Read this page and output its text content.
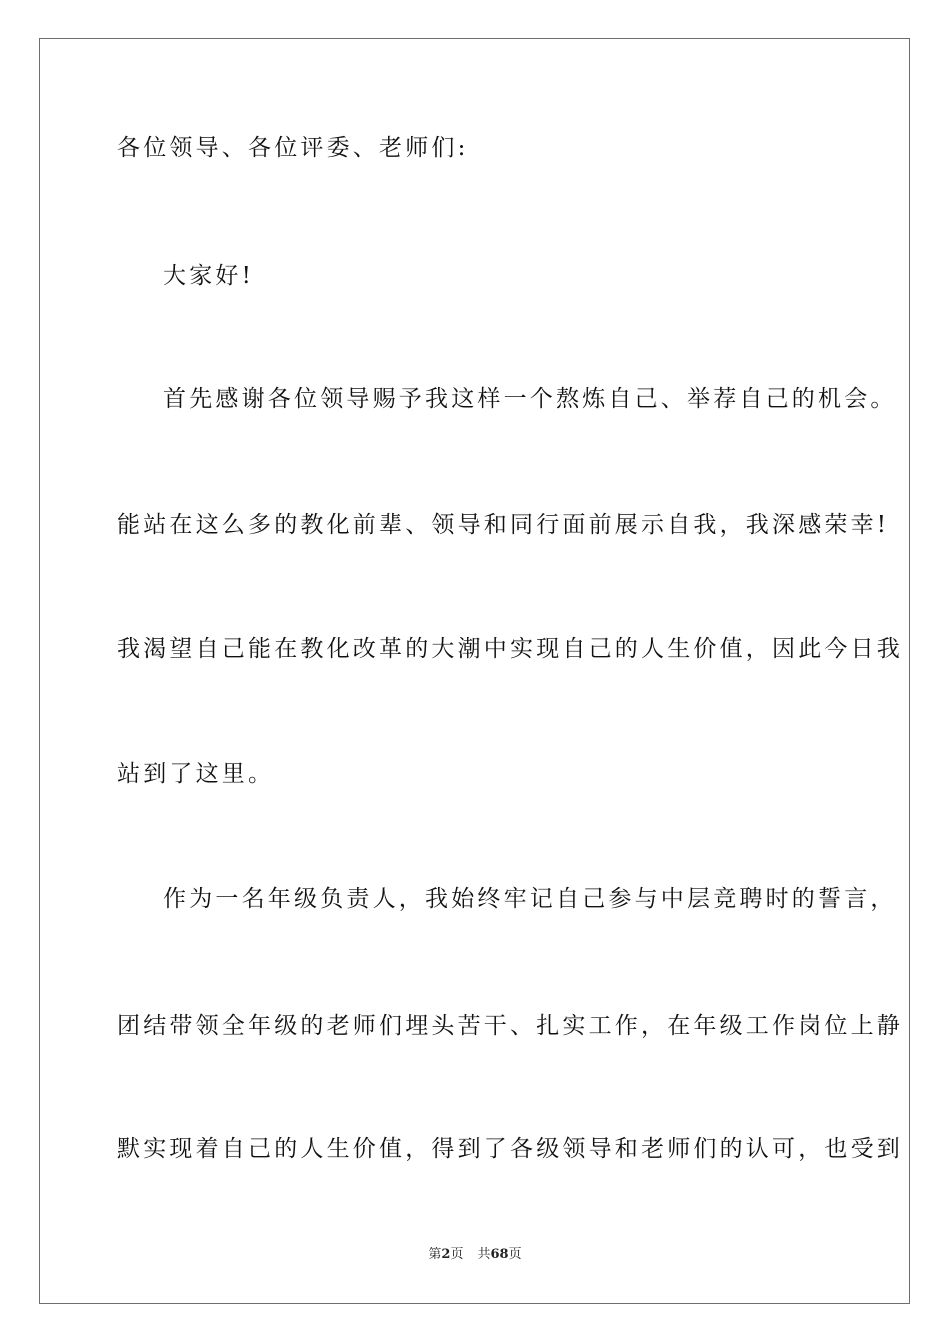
各位领导、各位评委、老师们:
大家好!
首先感谢各位领导赐予我这样一个熬炼自己、举荐自己的机会。
能站在这么多的教化前辈、领导和同行面前展示自我，我深感荣幸!
我渴望自己能在教化改革的大潮中实现自己的人生价值，因此今日我
站到了这里。
作为一名年级负责人，我始终牢记自己参与中层竞聘时的誓言，
团结带领全年级的老师们埋头苦干、扎实工作，在年级工作岗位上静
默实现着自己的人生价值，得到了各级领导和老师们的认可，也受到
第2页 共68页
